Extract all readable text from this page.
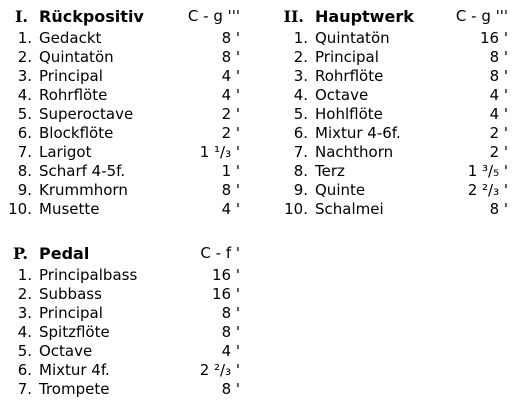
I. Rückpositiv	C - g '''
1. Gedackt	8 '
2. Quintatön	8 '
3. Principal	4 '
4. Rohrflöte	4 '
5. Superoctave	2 '
6. Blockflöte	2 '
7. Larigot	1 ¹/₃ '
8. Scharf 4-5f.	1 '
9. Krummhorn	8 '
10. Musette	4 '
II. Hauptwerk	C - g '''
1. Quintatön	16 '
2. Principal	8 '
3. Rohrflöte	8 '
4. Octave	4 '
5. Hohlflöte	4 '
6. Mixtur 4-6f.	2 '
7. Nachthorn	2 '
8. Terz	1 ³/₅ '
9. Quinte	2 ²/₃ '
10. Schalmei	8 '
P. Pedal	C - f '
1. Principalbass	16 '
2. Subbass	16 '
3. Principal	8 '
4. Spitzflöte	8 '
5. Octave	4 '
6. Mixtur 4f.	2 ²/₃ '
7. Trompete	8 '
